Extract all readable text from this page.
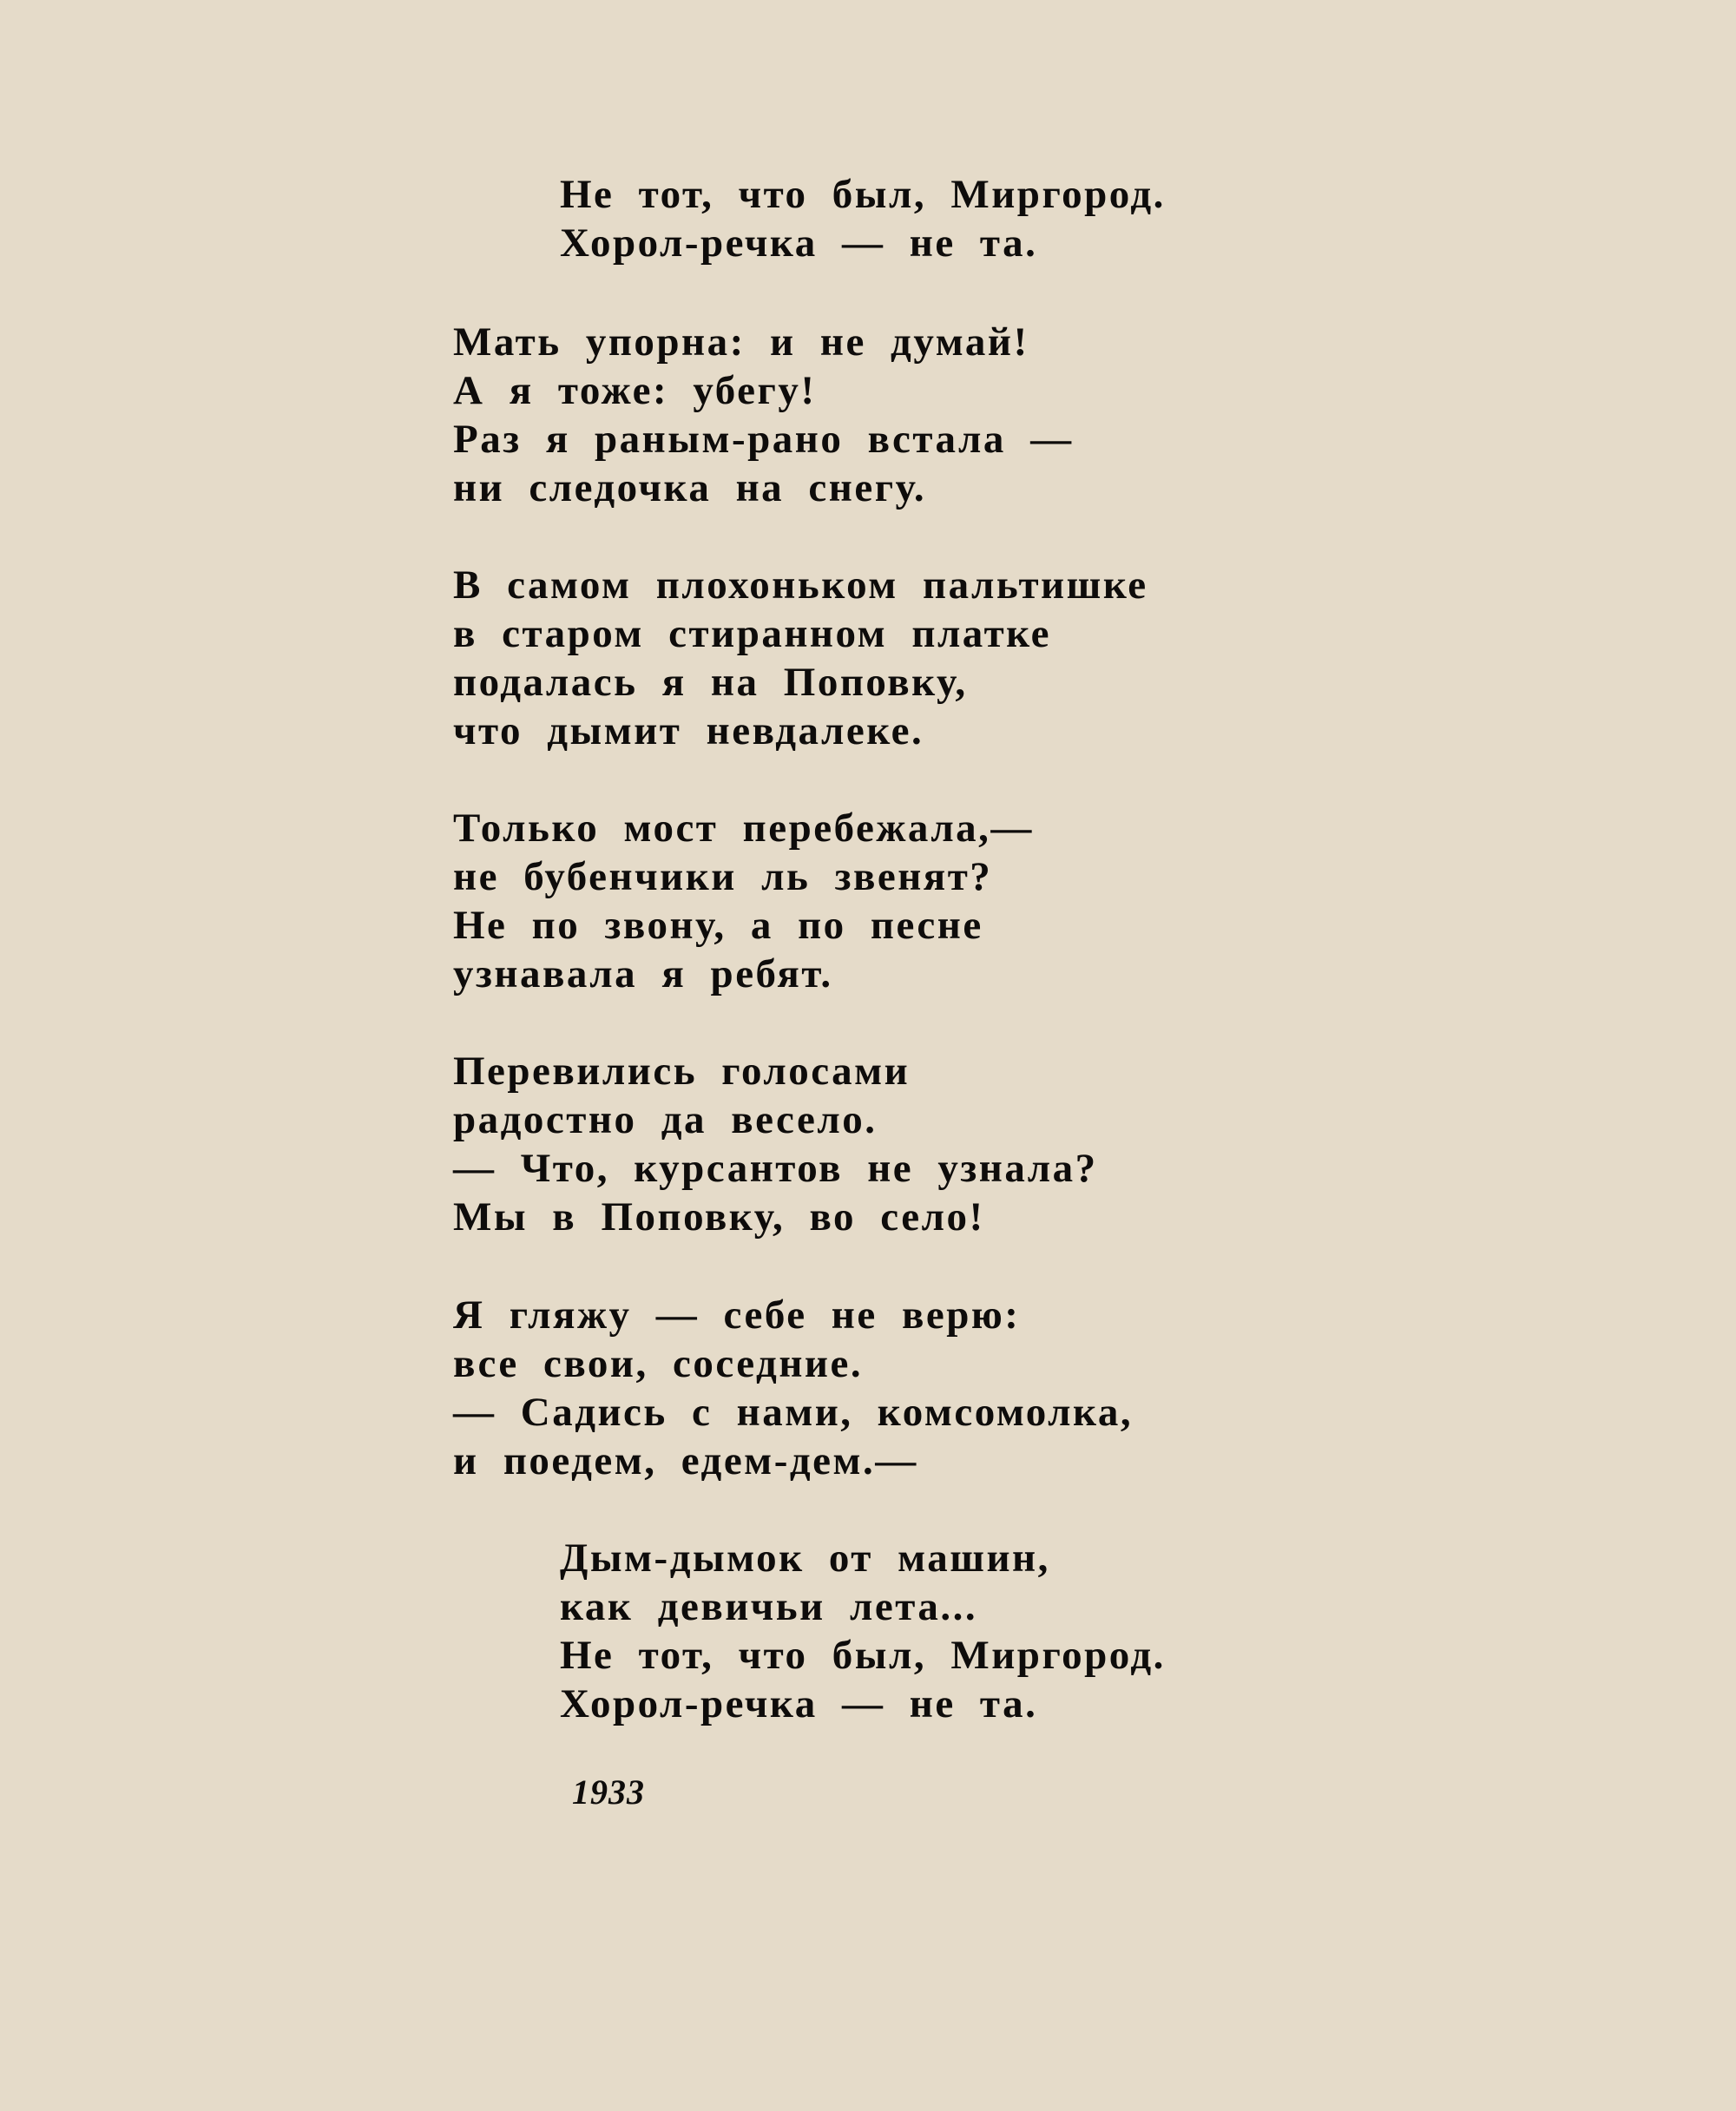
Не тот, что был, Миргород.
Хорол-речка — не та.
Мать упорна: и не думай!
А я тоже: убегу!
Раз я раным-рано встала —
ни следочка на снегу.
В самом плохоньком пальтишке
в старом стиранном платке
подалась я на Поповку,
что дымит невдалеке.
Только мост перебежала,—
не бубенчики ль звенят?
Не по звону, а по песне
узнавала я ребят.
Перевились голосами
радостно да весело.
— Что, курсантов не узнала?
Мы в Поповку, во село!
Я гляжу — себе не верю:
все свои, соседние.
— Садись с нами, комсомолка,
и поедем, едем-дем.—
Дым-дымок от машин,
как девичьи лета...
Не тот, что был, Миргород.
Хорол-речка — не та.
1933
